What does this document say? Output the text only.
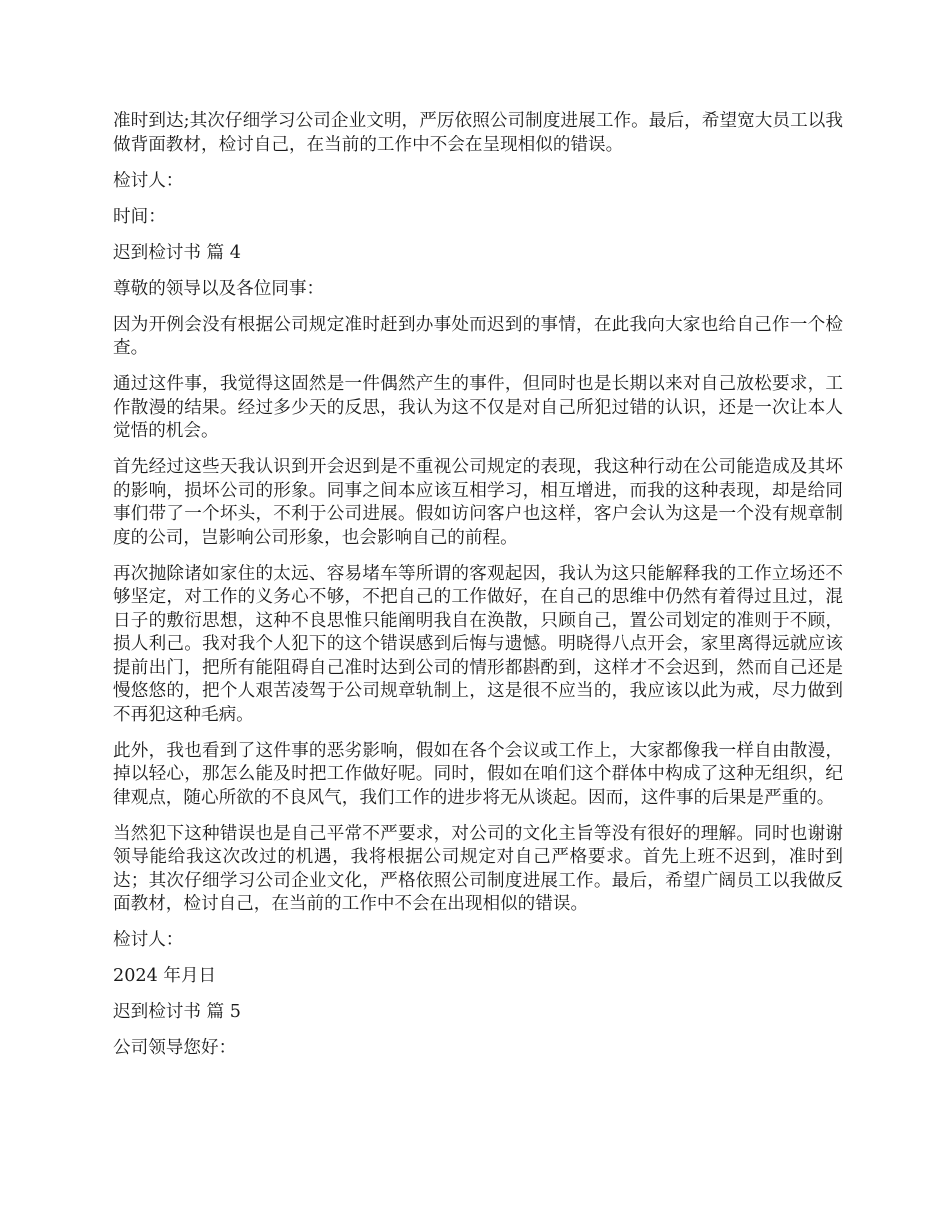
准时到达;其次仔细学习公司企业文明，严厉依照公司制度进展工作。最后，希望宽大员工以我做背面教材，检讨自己，在当前的工作中不会在呈现相似的错误。

检讨人：

时间：

迟到检讨书 篇 4

尊敬的领导以及各位同事：

因为开例会没有根据公司规定准时赶到办事处而迟到的事情，在此我向大家也给自己作一个检查。

通过这件事，我觉得这固然是一件偶然产生的事件，但同时也是长期以来对自己放松要求，工作散漫的结果。经过多少天的反思，我认为这不仅是对自己所犯过错的认识，还是一次让本人觉悟的机会。

首先经过这些天我认识到开会迟到是不重视公司规定的表现，我这种行动在公司能造成及其坏的影响，损坏公司的形象。同事之间本应该互相学习，相互增进，而我的这种表现，却是给同事们带了一个坏头，不利于公司进展。假如访问客户也这样，客户会认为这是一个没有规章制度的公司，岂影响公司形象，也会影响自己的前程。

再次抛除诸如家住的太远、容易堵车等所谓的客观起因，我认为这只能解释我的工作立场还不够坚定，对工作的义务心不够，不把自己的工作做好，在自己的思维中仍然有着得过且过，混日子的敷衍思想，这种不良思惟只能阐明我自在涣散，只顾自己，置公司划定的准则于不顾，损人利己。我对我个人犯下的这个错误感到后悔与遗憾。明晓得八点开会，家里离得远就应该提前出门，把所有能阻碍自己准时达到公司的情形都斟酌到，这样才不会迟到，然而自己还是慢悠悠的，把个人艰苦凌驾于公司规章轨制上，这是很不应当的，我应该以此为戒，尽力做到不再犯这种毛病。

此外，我也看到了这件事的恶劣影响，假如在各个会议或工作上，大家都像我一样自由散漫，掉以轻心，那怎么能及时把工作做好呢。同时，假如在咱们这个群体中构成了这种无组织，纪律观点，随心所欲的不良风气，我们工作的进步将无从谈起。因而，这件事的后果是严重的。

当然犯下这种错误也是自己平常不严要求，对公司的文化主旨等没有很好的理解。同时也谢谢领导能给我这次改过的机遇，我将根据公司规定对自己严格要求。首先上班不迟到，准时到达；其次仔细学习公司企业文化，严格依照公司制度进展工作。最后，希望广阔员工以我做反面教材，检讨自己，在当前的工作中不会在出现相似的错误。

检讨人：

2024 年月日

迟到检讨书 篇 5

公司领导您好：
